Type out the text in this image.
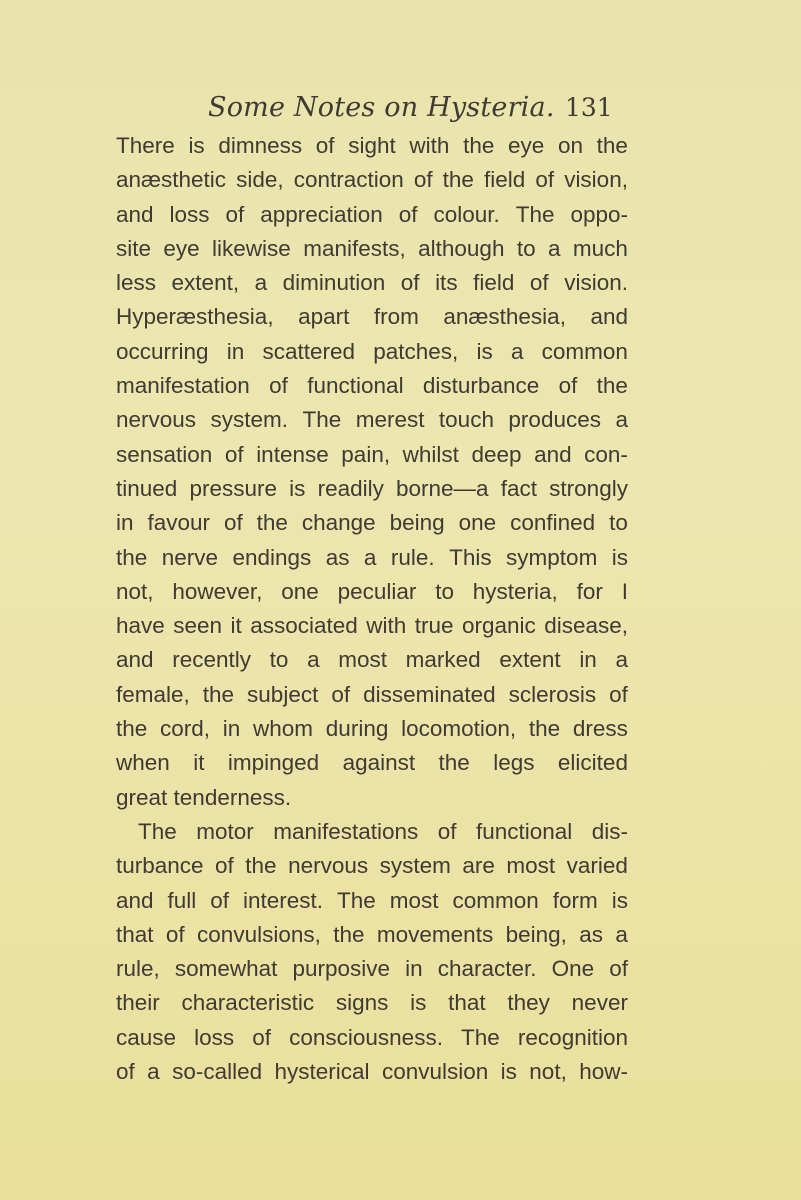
Some Notes on Hysteria. 131
There is dimness of sight with the eye on the
anæsthetic side, contraction of the field of vision,
and loss of appreciation of colour. The oppo-
site eye likewise manifests, although to a much
less extent, a diminution of its field of vision.
Hyperæsthesia, apart from anæsthesia, and
occurring in scattered patches, is a common
manifestation of functional disturbance of the
nervous system. The merest touch produces a
sensation of intense pain, whilst deep and con-
tinued pressure is readily borne—a fact strongly
in favour of the change being one confined to
the nerve endings as a rule. This symptom is
not, however, one peculiar to hysteria, for I
have seen it associated with true organic disease,
and recently to a most marked extent in a
female, the subject of disseminated sclerosis of
the cord, in whom during locomotion, the dress
when it impinged against the legs elicited
great tenderness.
The motor manifestations of functional dis-
turbance of the nervous system are most varied
and full of interest. The most common form is
that of convulsions, the movements being, as a
rule, somewhat purposive in character. One of
their characteristic signs is that they never
cause loss of consciousness. The recognition
of a so-called hysterical convulsion is not, how-
